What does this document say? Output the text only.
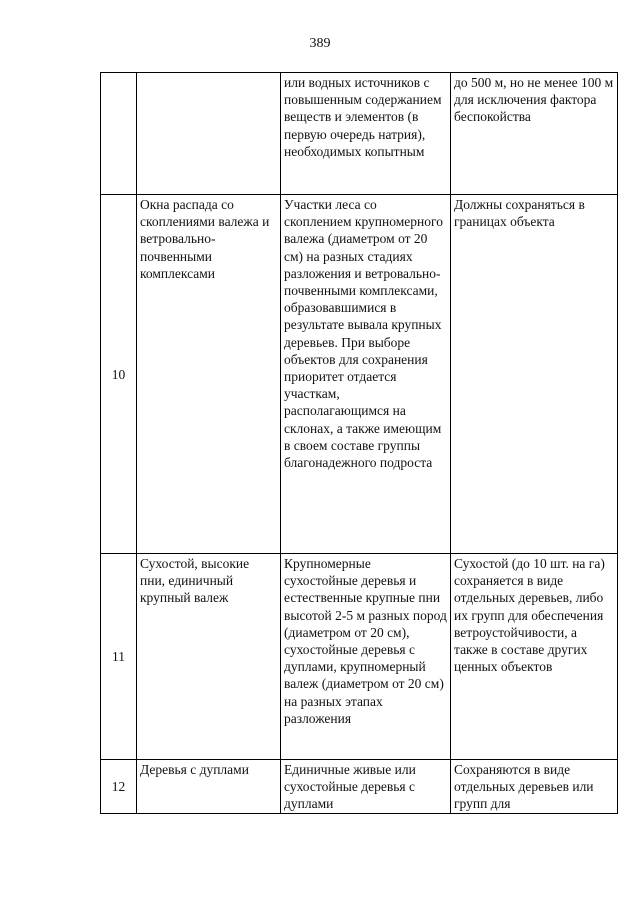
389
		или водных источников с повышенным содержанием веществ и элементов (в первую очередь натрия), необходимых копытным	до 500 м, но не менее 100 м для исключения фактора беспокойства
10	Окна распада со скоплениями валежа и ветровально-почвенными комплексами	Участки леса со скоплением крупномерного валежа (диаметром от 20 см) на разных стадиях разложения и ветровально-почвенными комплексами, образовавшимися в результате вывала крупных деревьев. При выборе объектов для сохранения приоритет отдается участкам, располагающимся на склонах, а также имеющим в своем составе группы благонадежного подроста	Должны сохраняться в границах объекта
11	Сухостой, высокие пни, единичный крупный валеж	Крупномерные сухостойные деревья и естественные крупные пни высотой 2-5 м разных пород (диаметром от 20 см), сухостойные деревья с дуплами, крупномерный валеж (диаметром от 20 см) на разных этапах разложения	Сухостой (до 10 шт. на га) сохраняется в виде отдельных деревьев, либо их групп для обеспечения ветроустойчивости, а также в составе других ценных объектов
12	Деревья с дуплами	Единичные живые или сухостойные деревья с дуплами	Сохраняются в виде отдельных деревьев или групп для
